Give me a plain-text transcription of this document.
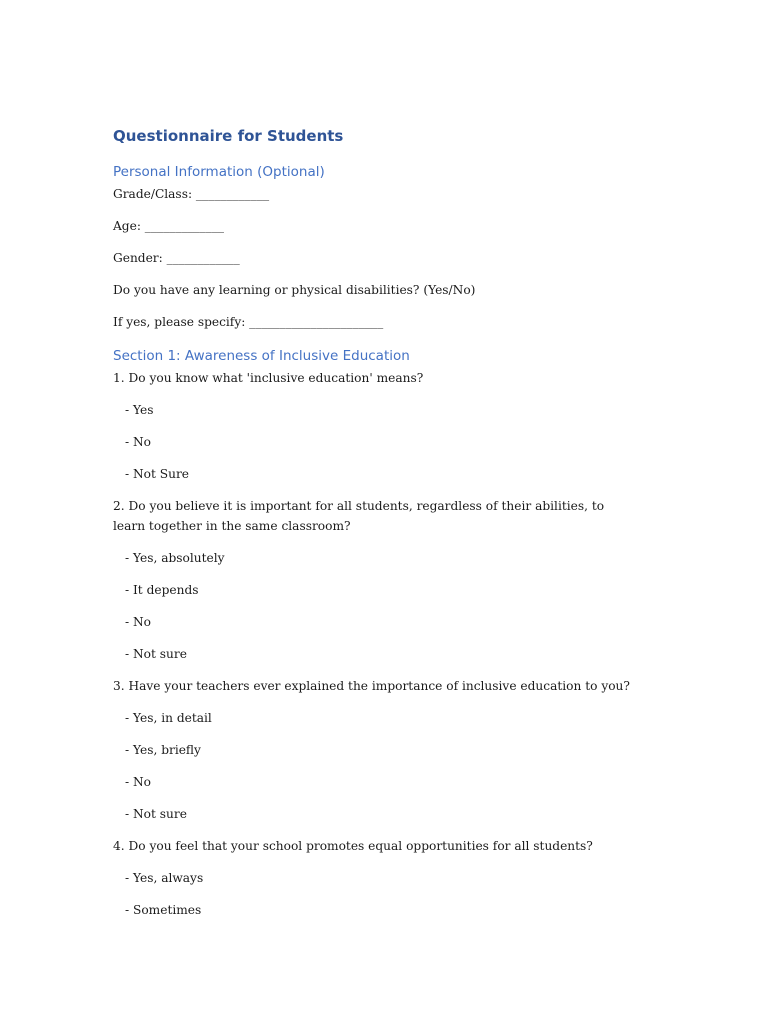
Questionnaire for Students
Personal Information (Optional)
Grade/Class: ____________
Age: _____________
Gender: ____________
Do you have any learning or physical disabilities? (Yes/No)
If yes, please specify: ______________________
Section 1: Awareness of Inclusive Education
1. Do you know what 'inclusive education' means?
- Yes
- No
- Not Sure
2. Do you believe it is important for all students, regardless of their abilities, to learn together in the same classroom?
- Yes, absolutely
- It depends
- No
- Not sure
3. Have your teachers ever explained the importance of inclusive education to you?
- Yes, in detail
- Yes, briefly
- No
- Not sure
4. Do you feel that your school promotes equal opportunities for all students?
- Yes, always
- Sometimes
